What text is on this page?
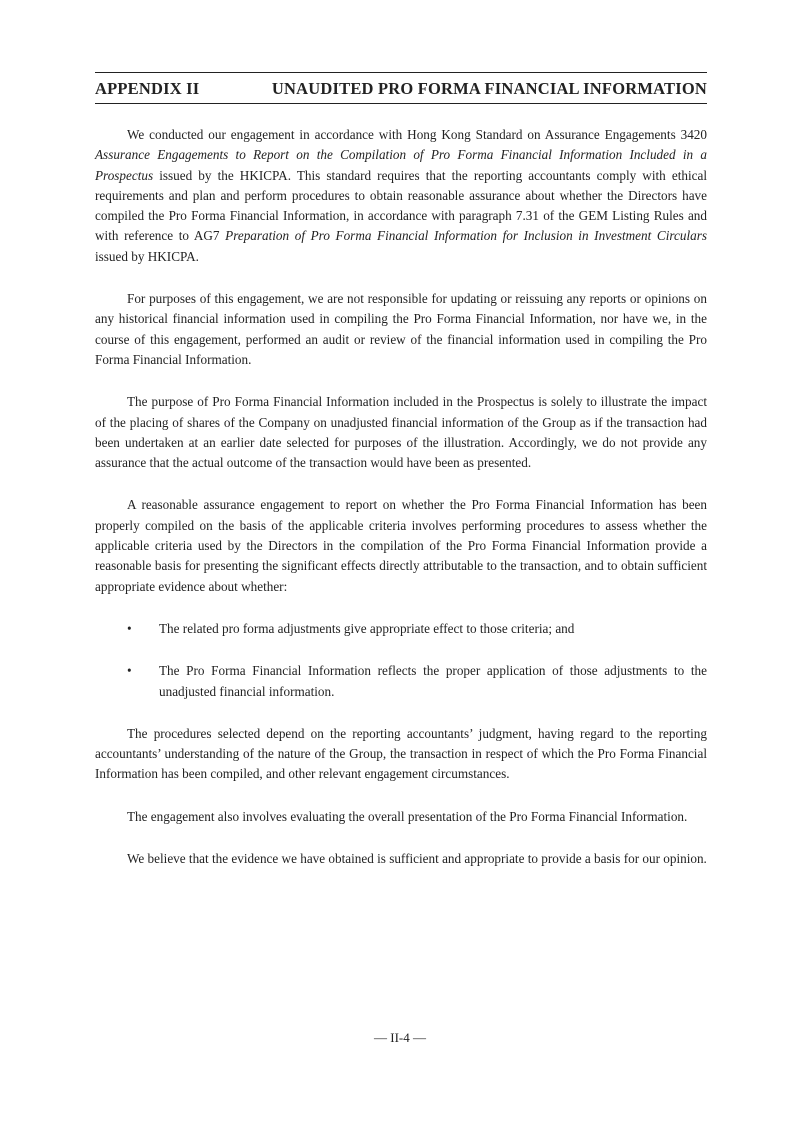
APPENDIX II	UNAUDITED PRO FORMA FINANCIAL INFORMATION

We conducted our engagement in accordance with Hong Kong Standard on Assurance Engagements 3420 Assurance Engagements to Report on the Compilation of Pro Forma Financial Information Included in a Prospectus issued by the HKICPA. This standard requires that the reporting accountants comply with ethical requirements and plan and perform procedures to obtain reasonable assurance about whether the Directors have compiled the Pro Forma Financial Information, in accordance with paragraph 7.31 of the GEM Listing Rules and with reference to AG7 Preparation of Pro Forma Financial Information for Inclusion in Investment Circulars issued by HKICPA.

For purposes of this engagement, we are not responsible for updating or reissuing any reports or opinions on any historical financial information used in compiling the Pro Forma Financial Information, nor have we, in the course of this engagement, performed an audit or review of the financial information used in compiling the Pro Forma Financial Information.

The purpose of Pro Forma Financial Information included in the Prospectus is solely to illustrate the impact of the placing of shares of the Company on unadjusted financial information of the Group as if the transaction had been undertaken at an earlier date selected for purposes of the illustration. Accordingly, we do not provide any assurance that the actual outcome of the transaction would have been as presented.

A reasonable assurance engagement to report on whether the Pro Forma Financial Information has been properly compiled on the basis of the applicable criteria involves performing procedures to assess whether the applicable criteria used by the Directors in the compilation of the Pro Forma Financial Information provide a reasonable basis for presenting the significant effects directly attributable to the transaction, and to obtain sufficient appropriate evidence about whether:

• The related pro forma adjustments give appropriate effect to those criteria; and
• The Pro Forma Financial Information reflects the proper application of those adjustments to the unadjusted financial information.

The procedures selected depend on the reporting accountants’ judgment, having regard to the reporting accountants’ understanding of the nature of the Group, the transaction in respect of which the Pro Forma Financial Information has been compiled, and other relevant engagement circumstances.

The engagement also involves evaluating the overall presentation of the Pro Forma Financial Information.

We believe that the evidence we have obtained is sufficient and appropriate to provide a basis for our opinion.

— II-4 —
